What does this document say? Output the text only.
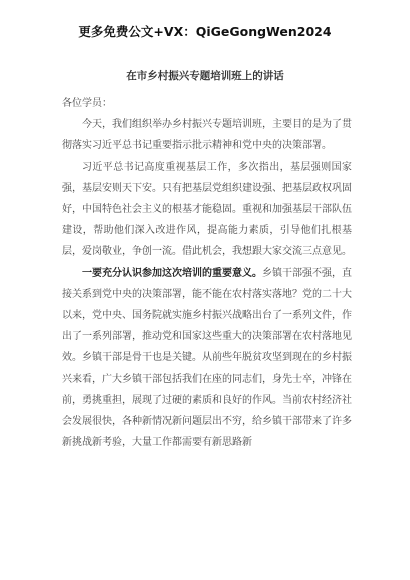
更多免费公文+VX：QiGeGongWen2024
在市乡村振兴专题培训班上的讲话

各位学员：

今天，我们组织举办乡村振兴专题培训班，主要目的是为了贯彻落实习近平总书记重要指示批示精神和党中央的决策部署。

习近平总书记高度重视基层工作，多次指出，基层强则国家强，基层安则天下安。只有把基层党组织建设强、把基层政权巩固好，中国特色社会主义的根基才能稳固。重视和加强基层干部队伍建设，帮助他们深入改进作风，提高能力素质，引导他们扎根基层，爱岗敬业，争创一流。借此机会，我想跟大家交流三点意见。

一要充分认识参加这次培训的重要意义。乡镇干部强不强，直接关系到党中央的决策部署，能不能在农村落实落地？党的二十大以来，党中央、国务院就实施乡村振兴战略出台了一系列文件，作出了一系列部署，推动党和国家这些重大的决策部署在农村落地见效。乡镇干部是骨干也是关键。从前些年脱贫攻坚到现在的乡村振兴来看，广大乡镇干部包括我们在座的同志们，身先士卒，冲锋在前，勇挑重担，展现了过硬的素质和良好的作风。当前农村经济社会发展很快，各种新情况新问题层出不穷，给乡镇干部带来了许多新挑战新考验，大量工作都需要有新思路新
